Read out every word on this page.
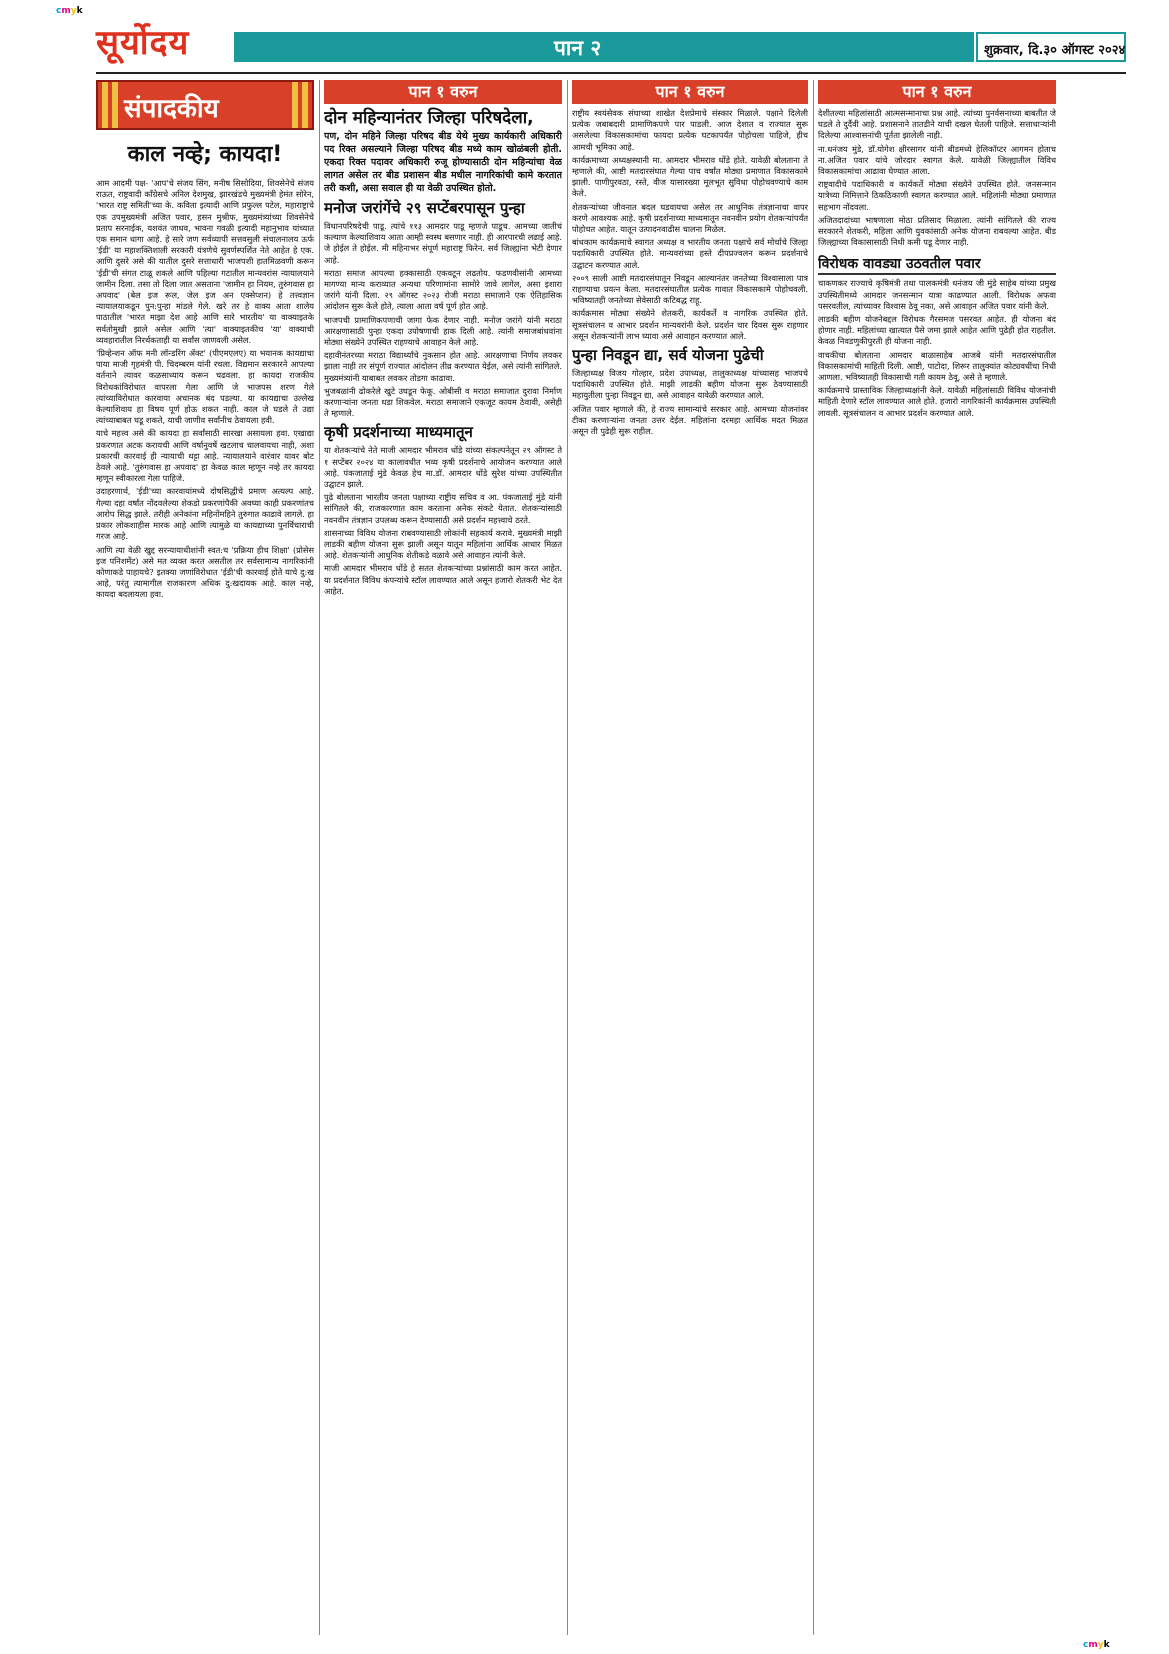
cmyk
सूर्योदय	पान २	शुक्रवार, दि.३० ऑगस्ट २०२४
संपादकीय
काल नव्हे; कायदा!

आम आदमी पक्ष- 'आप'चे संजय सिंग, मनीष सिसोदिया, शिवसेनेचे संजय राऊत, राष्ट्रवादी काँग्रेसचे अनिल देशमुख, झारखंडचे मुख्यमंत्री हेमंत सोरेन, 'भारत राष्ट्र समिती'च्या के. कविता इत्यादी आणि प्रफुल्ल पटेल, महाराष्ट्राचे एक उपमुख्यमंत्री अजित पवार, हसन मुश्रीफ, मुख्यमंत्र्यांच्या शिवसेनेचे प्रताप सरनाईक, यशवंत जाधव, भावना गवळी इत्यादी महानुभाव यांच्यात एक समान धागा आहे. हे सारे जण सर्वव्यापी सत्तवसुली संचालनालय ऊर्फ 'ईडी' या महाशक्तिशाली सरकारी यंत्रणेचे सुवर्णस्पर्शित नेते आहेत हे एक. आणि दुसरे असे की यातील दुसरे सत्ताधारी भाजपशी हातमिळवणी करून 'ईडी'ची संगत टाळू शकले आणि पहिल्या गटातील मान्यवरांस न्यायालयाने जामीन दिला. तसा तो दिला जात असताना 'जामीन हा नियम, तुरुंगवास हा अपवाद' (बेल इज रूल, जेल इज अन एक्सेप्शन) हे तत्त्वज्ञान न्यायालयाकडून पुन:पुन्हा मांडले गेले. खरे तर हे वाक्य आता शालेय पाठातील 'भारत माझा देश आहे आणि सारे भारतीय' या वाक्याइतके सर्वतोमुखी झाले असेल आणि 'त्या' वाक्याइतकीच 'या' वाक्याची व्यवहारातील निरर्थकताही या सर्वांस जाणवली असेल.

'प्रिव्हेन्शन ऑफ मनी लॉन्डरिंग ॲक्ट' (पीएमएलए) या भयानक कायद्याचा पाया माजी गृहमंत्री पी. चिदम्बरम यांनी रचला. विद्यमान सरकारने आपल्या वर्तनाने त्यावर कळसाध्याय करून चढवला. हा कायदा राजकीय विरोधकांविरोधात वापरला गेला आणि जे भाजपस शरण गेले त्यांच्याविरोधात कारवाया अचानक बंद पडल्या. या कायद्याचा उल्लेख केल्याशिवाय हा विषय पूर्ण होऊ शकत नाही. काल जे घडले ते उद्या त्यांच्याबाबत घडू शकते, याची जाणीव सर्वांनीच ठेवायला हवी.

याचे महत्त्व असे की कायदा हा सर्वांसाठी सारखा असायला हवा. एखाद्या प्रकरणात अटक करायची आणि वर्षानुवर्षे खटलाच चालवायचा नाही, अशा प्रकारची कारवाई ही न्यायाची थट्टा आहे. न्यायालयाने वारंवार यावर बोट ठेवले आहे. 'तुरुंगवास हा अपवाद' हा केवळ काल म्हणून नव्हे तर कायदा म्हणून स्वीकारला गेला पाहिजे.

उदाहरणार्थ, 'ईडी'च्या कारवायांमध्ये दोषसिद्धीचे प्रमाण अत्यल्प आहे. गेल्या दहा वर्षांत नोंदवलेल्या शेकडो प्रकरणांपैकी अवघ्या काही प्रकरणांतच आरोप सिद्ध झाले. तरीही अनेकांना महिनोंमहिने तुरुंगात काढावे लागले. हा प्रकार लोकशाहीस मारक आहे आणि त्यामुळे या कायद्याच्या पुनर्विचाराची गरज आहे.

आणि त्या वेळी खुद्द सरन्यायाधीशांनी स्वत:च 'प्रक्रिया हीच शिक्षा' (प्रोसेस इज पनिशमेंट) असे मत व्यक्त करत असतील तर सर्वसामान्य नागरिकांनी कोणाकडे पाहायचे? इतक्या जणांविरोधात 'ईडी'ची कारवाई होते याचे दु:ख आहे, परंतु त्यामागील राजकारण अधिक दु:खदायक आहे. काल नव्हे, कायदा बदलायला हवा.

पान १ वरुन
दोन महिन्यानंतर जिल्हा परिषदेला,
पण, दोन महिने जिल्हा परिषद बीड येथे मुख्य कार्यकारी अधिकारी पद रिक्त असल्याने जिल्हा परिषद बीड मध्ये काम खोळंबली होती. एकदा रिक्त पदावर अधिकारी रुजू होण्यासाठी दोन महिन्यांचा वेळ लागत असेल तर बीड प्रशासन बीड मधील नागरिकांची कामे करतात तरी कशी, असा सवाल ही या वेळी उपस्थित होतो.
मनोज जरांगेंचे २९ सप्टेंबरपासून पुन्हा

विधानपरिषदेची पाडू. त्यांचे ११३ आमदार पाडू म्हणजे पाडूच. आमच्या जातीचं कल्याण केल्याशिवाय आता आम्ही स्वस्थ बसणार नाही. ही आरपारची लढाई आहे. जे होईल ते होईल. मी महिनाभर संपूर्ण महाराष्ट्र फिरेन. सर्व जिल्ह्यांना भेटी देणार आहे.

मराठा समाज आपल्या हक्कासाठी एकवटून लढतोय. फडणवीसांनी आमच्या मागण्या मान्य कराव्यात अन्यथा परिणामांना सामोरे जावे लागेल, असा इशारा जरांगे यांनी दिला. २९ ऑगस्ट २०२३ रोजी मराठा समाजाने एक ऐतिहासिक आंदोलन सुरू केले होते, त्याला आता वर्ष पूर्ण होत आहे.

भाजपची प्रामाणिकपणाची जागा फेक देणार नाही. मनोज जरांगे यांनी मराठा आरक्षणासाठी पुन्हा एकदा उपोषणाची हाक दिली आहे. त्यांनी समाजबांधवांना मोठ्या संख्येने उपस्थित राहण्याचे आवाहन केले आहे.

दहावीनंतरच्या मराठा विद्यार्थ्यांचे नुकसान होत आहे. आरक्षणाचा निर्णय लवकर झाला नाही तर संपूर्ण राज्यात आंदोलन तीव्र करण्यात येईल, असे त्यांनी सांगितले. मुख्यमंत्र्यांनी याबाबत लवकर तोडगा काढावा.

भुजबळांनी ढोकरेले खुटे उघडून फेकू. ओबीसी व मराठा समाजात दुरावा निर्माण करणाऱ्यांना जनता धडा शिकवेल. मराठा समाजाने एकजूट कायम ठेवावी, असेही ते म्हणाले.

कृषी प्रदर्शनाच्या माध्यमातून

या शेतकऱ्यांचे नेते माजी आमदार भीमराव धोंडे यांच्या संकल्पनेतून २९ ऑगस्ट ते १ सप्टेंबर २०२४ या कालावधीत भव्य कृषी प्रदर्शनाचे आयोजन करण्यात आले आहे. पंकजाताई मुंडे केवळ हेच मा.डॉ. आमदार धोंडे सुरेश यांच्या उपस्थितीत उद्घाटन झाले.

पुढे बोलताना भारतीय जनता पक्षाच्या राष्ट्रीय सचिव व आ. पंकजाताई मुंडे यांनी सांगितले की, राजकारणात काम करताना अनेक संकटे येतात. शेतकऱ्यांसाठी नवनवीन तंत्रज्ञान उपलब्ध करून देण्यासाठी असे प्रदर्शन महत्त्वाचे ठरते.

शासनाच्या विविध योजना राबवण्यासाठी लोकांनी सहकार्य करावे. मुख्यमंत्री माझी लाडकी बहीण योजना सुरू झाली असून यातून महिलांना आर्थिक आधार मिळत आहे. शेतकऱ्यांनी आधुनिक शेतीकडे वळावे असे आवाहन त्यांनी केले.

माजी आमदार भीमराव धोंडे हे सतत शेतकऱ्यांच्या प्रश्नांसाठी काम करत आहेत. या प्रदर्शनात विविध कंपन्यांचे स्टॉल लावण्यात आले असून हजारो शेतकरी भेट देत आहेत.

पान १ वरुन

राष्ट्रीय स्वयंसेवक संघाच्या शाखेत देशप्रेमाचे संस्कार मिळाले. पक्षाने दिलेली प्रत्येक जबाबदारी प्रामाणिकपणे पार पाडली. आज देशात व राज्यात सुरू असलेल्या विकासकामांचा फायदा प्रत्येक घटकापर्यंत पोहोचला पाहिजे, हीच आमची भूमिका आहे.

कार्यक्रमाच्या अध्यक्षस्थानी मा. आमदार भीमराव धोंडे होते. यावेळी बोलताना ते म्हणाले की, आष्टी मतदारसंघात गेल्या पाच वर्षांत मोठ्या प्रमाणात विकासकामे झाली. पाणीपुरवठा, रस्ते, वीज यासारख्या मूलभूत सुविधा पोहोचवण्याचे काम केले.

शेतकऱ्यांच्या जीवनात बदल घडवायचा असेल तर आधुनिक तंत्रज्ञानाचा वापर करणे आवश्यक आहे. कृषी प्रदर्शनाच्या माध्यमातून नवनवीन प्रयोग शेतकऱ्यांपर्यंत पोहोचत आहेत. यातून उत्पादनवाढीस चालना मिळेल.

बांधकाम कार्यक्रमाचे स्वागत अध्यक्ष व भारतीय जनता पक्षाचे सर्व मोर्चाचे जिल्हा पदाधिकारी उपस्थित होते. मान्यवरांच्या हस्ते दीपप्रज्वलन करून प्रदर्शनाचे उद्घाटन करण्यात आले.

२००९ साली आष्टी मतदारसंघातून निवडून आल्यानंतर जनतेच्या विश्वासाला पात्र राहण्याचा प्रयत्न केला. मतदारसंघातील प्रत्येक गावात विकासकामे पोहोचवली. भविष्यातही जनतेच्या सेवेसाठी कटिबद्ध राहू.

कार्यक्रमास मोठ्या संख्येने शेतकरी, कार्यकर्ते व नागरिक उपस्थित होते. सूत्रसंचालन व आभार प्रदर्शन मान्यवरांनी केले. प्रदर्शन चार दिवस सुरू राहणार असून शेतकऱ्यांनी लाभ घ्यावा असे आवाहन करण्यात आले.

पुन्हा निवडून द्या, सर्व योजना पुढेची

जिल्हाध्यक्ष विजय गोल्हार, प्रदेश उपाध्यक्ष, तालुकाध्यक्ष यांच्यासह भाजपचे पदाधिकारी उपस्थित होते. माझी लाडकी बहीण योजना सुरू ठेवण्यासाठी महायुतीला पुन्हा निवडून द्या, असे आवाहन यावेळी करण्यात आले.

अजित पवार म्हणाले की, हे राज्य सामान्यांचे सरकार आहे. आमच्या योजनांवर टीका करणाऱ्यांना जनता उत्तर देईल. महिलांना दरमहा आर्थिक मदत मिळत असून ती पुढेही सुरू राहील.

पान १ वरुन

देशीतल्या महिलांसाठी आत्मसन्मानाचा प्रश्न आहे. त्यांच्या पुनर्वसनाच्या बाबतीत जे घडले ते दुर्दैवी आहे. प्रशासनाने तातडीने याची दखल घेतली पाहिजे. सत्ताधाऱ्यांनी दिलेल्या आश्वासनांची पूर्तता झालेली नाही.

ना.धनंजय मुंडे, डॉ.योगेश क्षीरसागर यांनी बीडमध्ये हेलिकॉप्टर आगमन होताच ना.अजित पवार यांचे जोरदार स्वागत केले. यावेळी जिल्ह्यातील विविध विकासकामांचा आढावा घेण्यात आला.

राष्ट्रवादीचे पदाधिकारी व कार्यकर्ते मोठ्या संख्येने उपस्थित होते. जनसन्मान यात्रेच्या निमित्ताने ठिकठिकाणी स्वागत करण्यात आले. महिलांनी मोठ्या प्रमाणात सहभाग नोंदवला.

अजितदादांच्या भाषणाला मोठा प्रतिसाद मिळाला. त्यांनी सांगितले की राज्य सरकारने शेतकरी, महिला आणि युवकांसाठी अनेक योजना राबवल्या आहेत. बीड जिल्ह्याच्या विकासासाठी निधी कमी पडू देणार नाही.

विरोधक वावड्या उठवतील पवार

चाकणकर राज्याचे कृषिमंत्री तथा पालकमंत्री धनंजय जी मुंडे साहेब यांच्या प्रमुख उपस्थितीमध्ये आमदार जनसन्मान यात्रा काढण्यात आली. विरोधक अफवा पसरवतील, त्यांच्यावर विश्वास ठेवू नका, असे आवाहन अजित पवार यांनी केले.

लाडकी बहीण योजनेबद्दल विरोधक गैरसमज पसरवत आहेत. ही योजना बंद होणार नाही. महिलांच्या खात्यात पैसे जमा झाले आहेत आणि पुढेही होत राहतील. केवळ निवडणुकीपुरती ही योजना नाही.

वाचकीचा बोलताना आमदार बाळासाहेब आजबे यांनी मतदारसंघातील विकासकामांची माहिती दिली. आष्टी, पाटोदा, शिरूर तालुक्यांत कोट्यवधींचा निधी आणला. भविष्यातही विकासाची गती कायम ठेवू, असे ते म्हणाले.

कार्यक्रमाचे प्रास्ताविक जिल्हाध्यक्षांनी केले. यावेळी महिलांसाठी विविध योजनांची माहिती देणारे स्टॉल लावण्यात आले होते. हजारो नागरिकांनी कार्यक्रमास उपस्थिती लावली. सूत्रसंचालन व आभार प्रदर्शन करण्यात आले.

cmyk
